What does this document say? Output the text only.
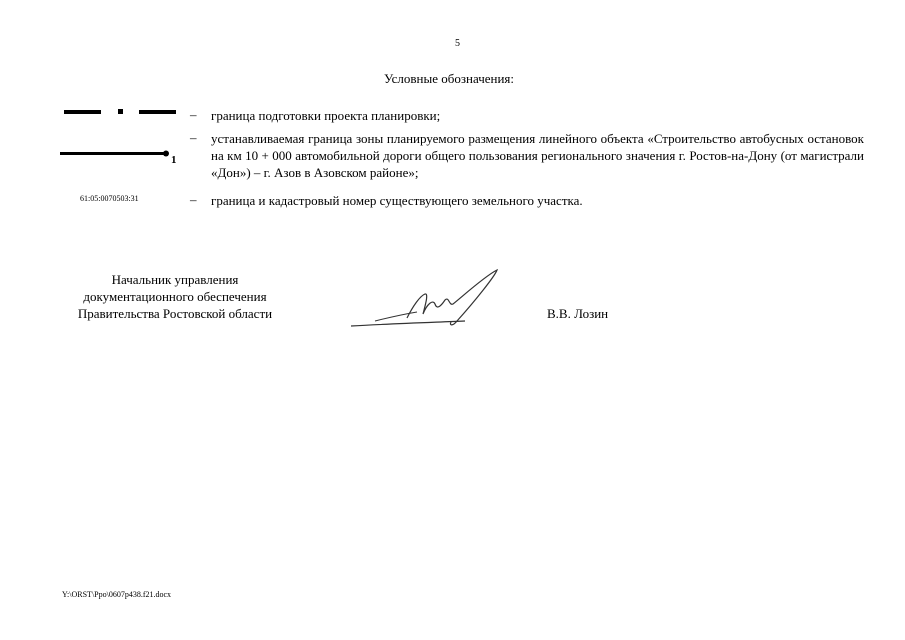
5
Условные обозначения:
– граница подготовки проекта планировки;
1
– устанавливаемая граница зоны планируемого размещения линейного объекта «Строительство автобусных остановок на км 10 + 000 автомобильной дороги общего пользования регионального значения г. Ростов-на-Дону (от магистрали «Дон») – г. Азов в Азовском районе»;
61:05:0070503:31	– граница и кадастровый номер существующего земельного участка.
Начальник управления
документационного обеспечения
Правительства Ростовской области	В.В. Лозин
Y:\ORST\Ppo\0607p438.f21.docx
